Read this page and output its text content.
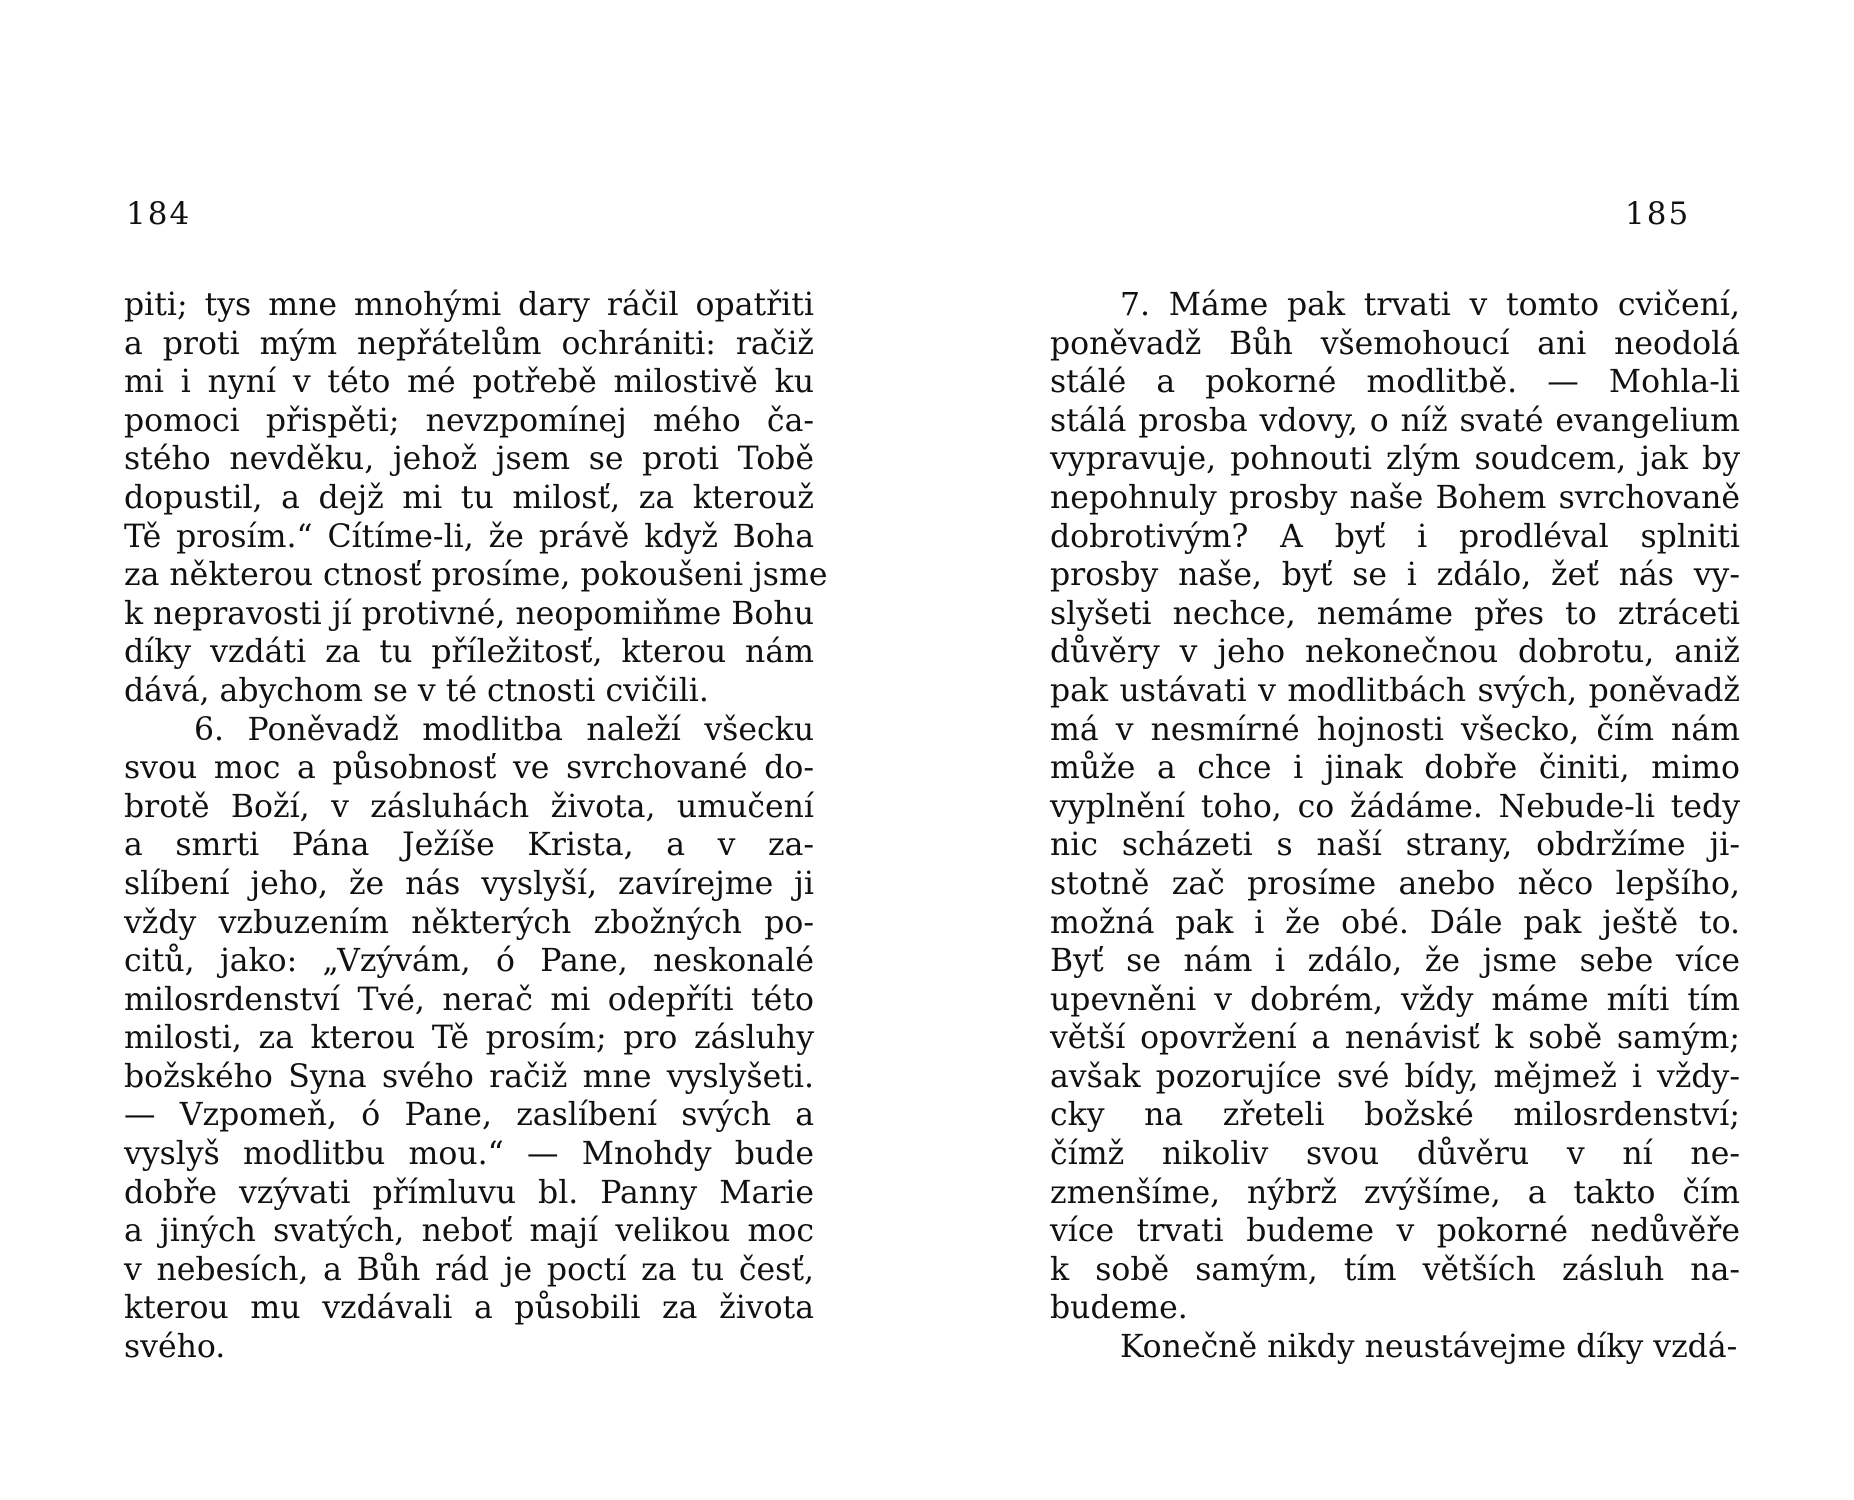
184
piti; tys mne mnohými dary ráčil opatřiti
a proti mým nepřátelům ochrániti: račiž
mi i nyní v této mé potřebě milostivě ku
pomoci přispěti; nevzpomínej mého ča-
stého nevděku, jehož jsem se proti Tobě
dopustil, a dejž mi tu milosť, za kterouž
Tě prosím.“ Cítíme-li, že právě když Boha
za některou ctnosť prosíme, pokoušeni jsme
k nepravosti jí protivné, neopomiňme Bohu
díky vzdáti za tu příležitosť, kterou nám
dává, abychom se v té ctnosti cvičili.
6. Poněvadž modlitba naleží všecku
svou moc a působnosť ve svrchované do-
brotě Boží, v zásluhách života, umučení
a smrti Pána Ježíše Krista, a v za-
slíbení jeho, že nás vyslyší, zavírejme ji
vždy vzbuzením některých zbožných po-
citů, jako: „Vzývám, ó Pane, neskonalé
milosrdenství Tvé, nerač mi odepříti této
milosti, za kterou Tě prosím; pro zásluhy
božského Syna svého račiž mne vyslyšeti.
— Vzpomeň, ó Pane, zaslíbení svých a
vyslyš modlitbu mou.“ — Mnohdy bude
dobře vzývati přímluvu bl. Panny Marie
a jiných svatých, neboť mají velikou moc
v nebesích, a Bůh rád je poctí za tu česť,
kterou mu vzdávali a působili za života
svého.
185
7. Máme pak trvati v tomto cvičení,
poněvadž Bůh všemohoucí ani neodolá
stálé a pokorné modlitbě. — Mohla-li
stálá prosba vdovy, o níž svaté evangelium
vypravuje, pohnouti zlým soudcem, jak by
nepohnuly prosby naše Bohem svrchovaně
dobrotivým? A byť i prodléval splniti
prosby naše, byť se i zdálo, žeť nás vy-
slyšeti nechce, nemáme přes to ztráceti
důvěry v jeho nekonečnou dobrotu, aniž
pak ustávati v modlitbách svých, poněvadž
má v nesmírné hojnosti všecko, čím nám
může a chce i jinak dobře činiti, mimo
vyplnění toho, co žádáme. Nebude-li tedy
nic scházeti s naší strany, obdržíme ji-
stotně zač prosíme anebo něco lepšího,
možná pak i že obé. Dále pak ještě to.
Byť se nám i zdálo, že jsme sebe více
upevněni v dobrém, vždy máme míti tím
větší opovržení a nenávisť k sobě samým;
avšak pozorujíce své bídy, mějmež i vždy-
cky na zřeteli božské milosrdenství;
čímž nikoliv svou důvěru v ní ne-
zmenšíme, nýbrž zvýšíme, a takto čím
více trvati budeme v pokorné nedůvěře
k sobě samým, tím větších zásluh na-
budeme.
Konečně nikdy neustávejme díky vzdá-
